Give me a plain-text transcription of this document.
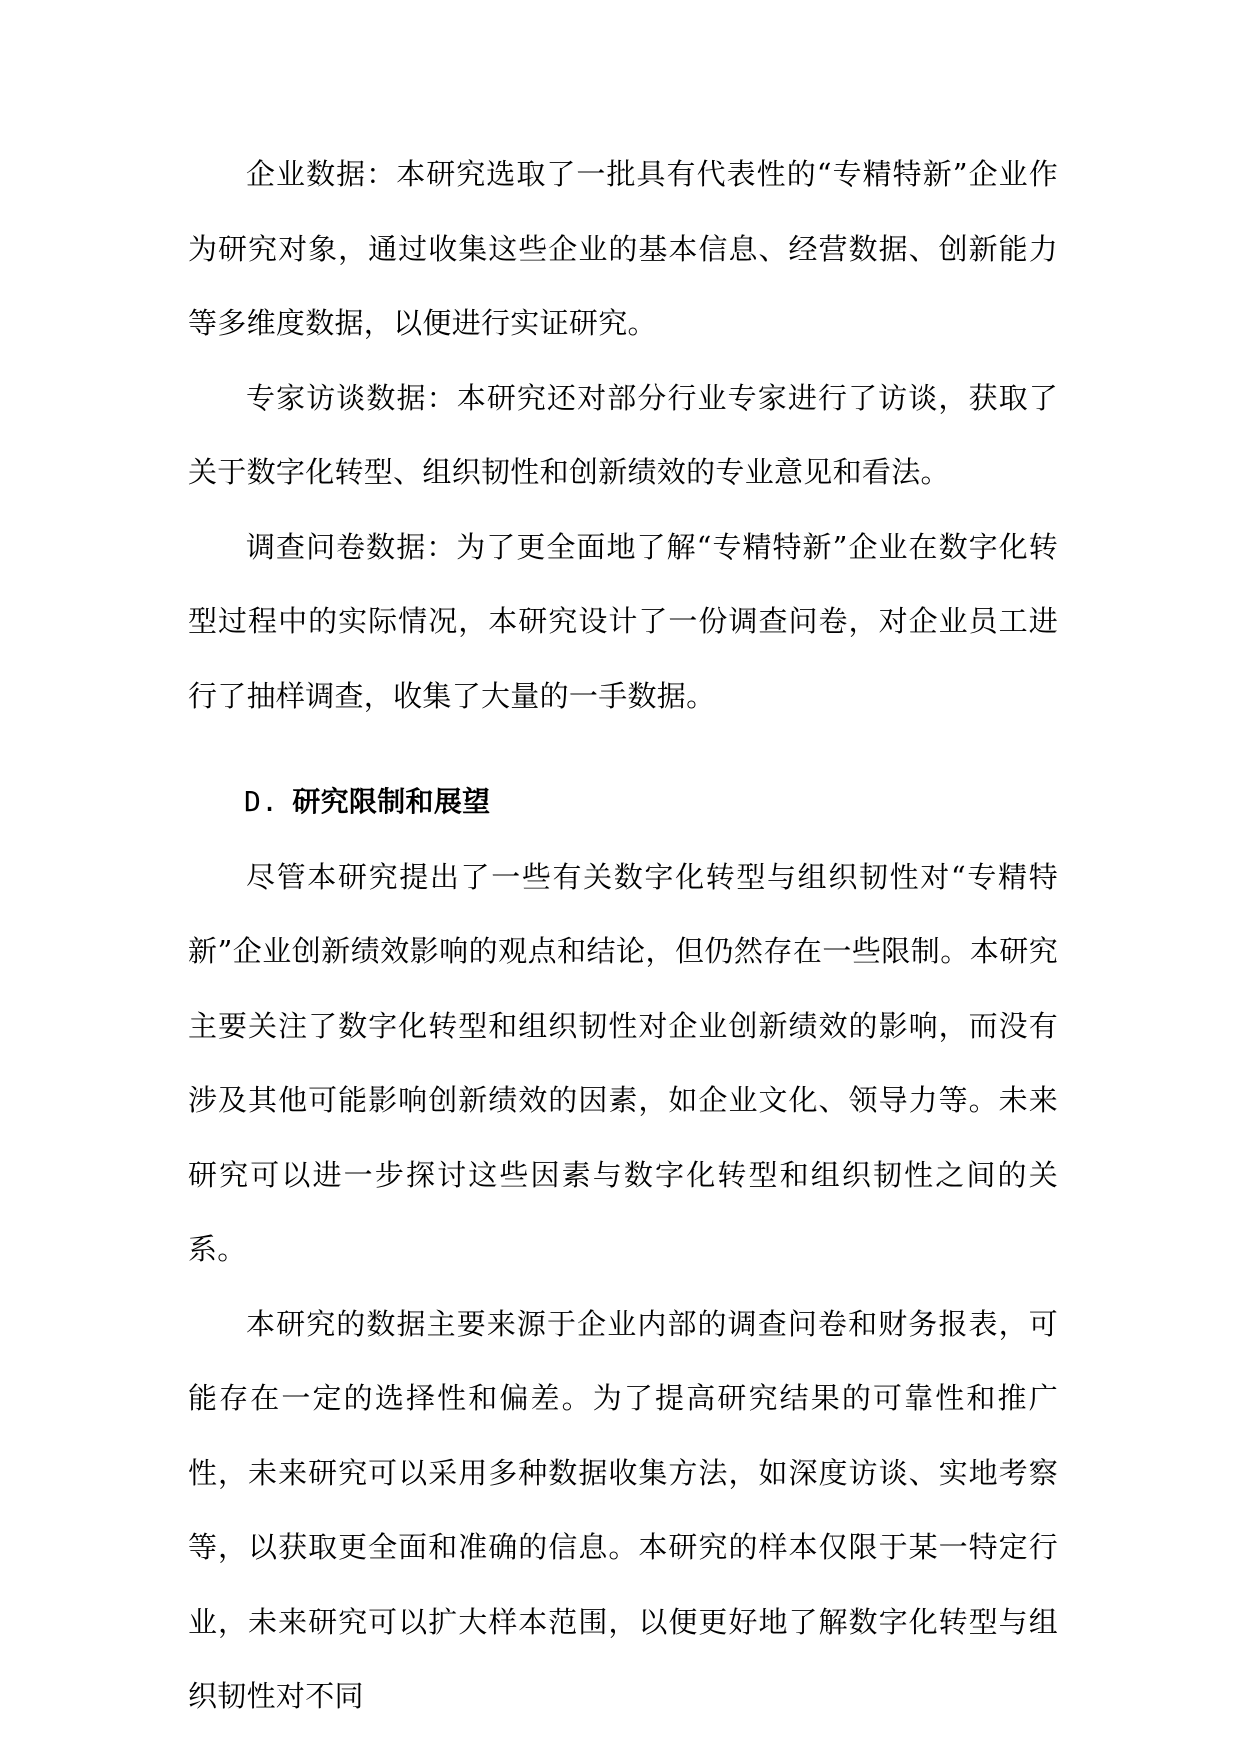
企业数据：本研究选取了一批具有代表性的“专精特新”企业作为研究对象，通过收集这些企业的基本信息、经营数据、创新能力等多维度数据，以便进行实证研究。

专家访谈数据：本研究还对部分行业专家进行了访谈，获取了关于数字化转型、组织韧性和创新绩效的专业意见和看法。

调查问卷数据：为了更全面地了解“专精特新”企业在数字化转型过程中的实际情况，本研究设计了一份调查问卷，对企业员工进行了抽样调查，收集了大量的一手数据。

D. 研究限制和展望

尽管本研究提出了一些有关数字化转型与组织韧性对“专精特新”企业创新绩效影响的观点和结论，但仍然存在一些限制。本研究主要关注了数字化转型和组织韧性对企业创新绩效的影响，而没有涉及其他可能影响创新绩效的因素，如企业文化、领导力等。未来研究可以进一步探讨这些因素与数字化转型和组织韧性之间的关系。

本研究的数据主要来源于企业内部的调查问卷和财务报表，可能存在一定的选择性和偏差。为了提高研究结果的可靠性和推广性，未来研究可以采用多种数据收集方法，如深度访谈、实地考察等，以获取更全面和准确的信息。本研究的样本仅限于某一特定行业，未来研究可以扩大样本范围，以便更好地了解数字化转型与组织韧性对不同
